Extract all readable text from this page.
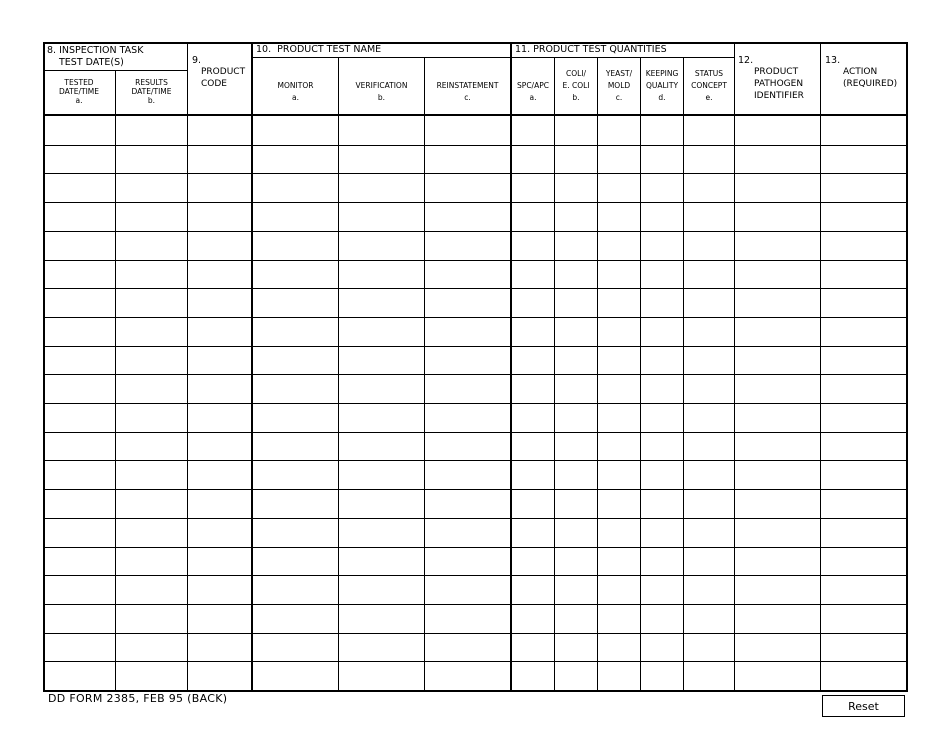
8. INSPECTION TASK
TEST DATE(S)
TESTED
DATE/TIME
a.
RESULTS
DATE/TIME
b.
9.
PRODUCT
CODE
10.  PRODUCT TEST NAME
MONITOR
a.
VERIFICATION
b.
REINSTATEMENT
c.
11. PRODUCT TEST QUANTITIES
SPC/APC
a.
COLI/
E. COLI
b.
YEAST/
MOLD
c.
KEEPING
QUALITY
d.
STATUS
CONCEPT
e.
12.
PRODUCT
PATHOGEN
IDENTIFIER
13.
ACTION
(REQUIRED)
DD FORM 2385, FEB 95 (BACK)
Reset
